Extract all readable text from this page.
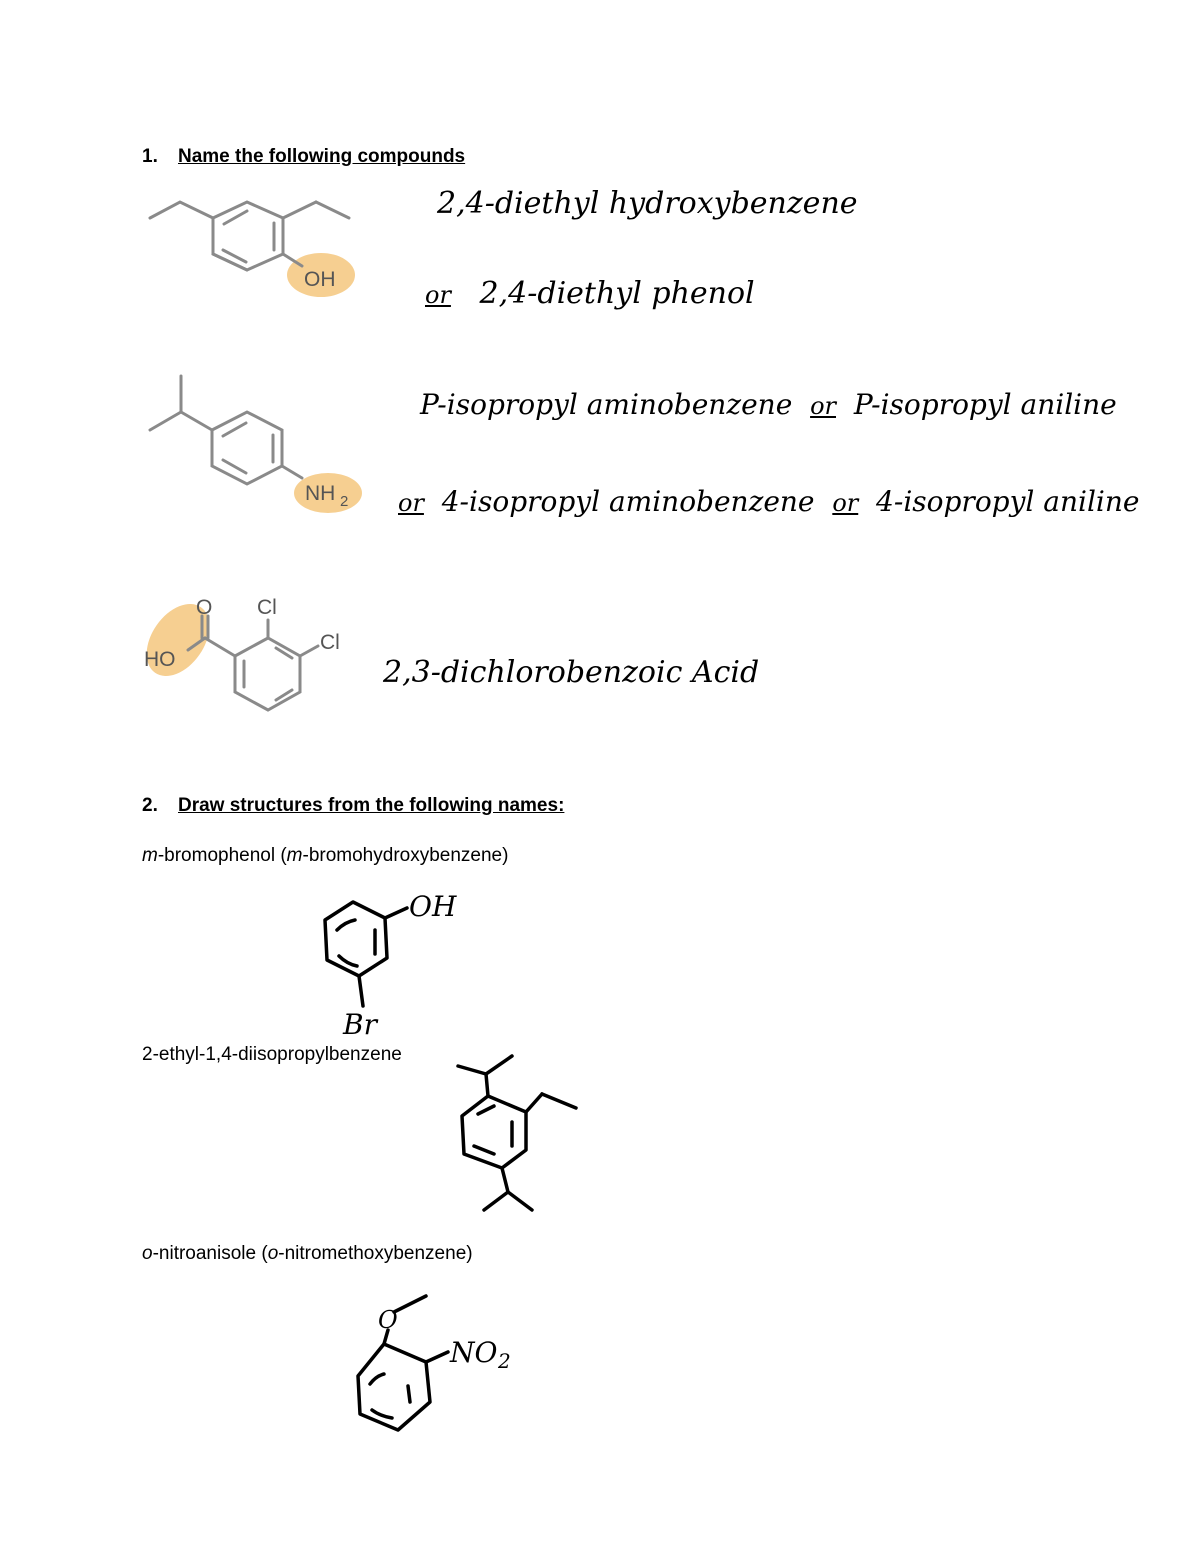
1. Name the following compounds
OH
2,4-diethyl hydroxybenzene
or 2,4-diethyl phenol
NH 2
P-isopropyl aminobenzene or P-isopropyl aniline
or 4-isopropyl aminobenzene or 4-isopropyl aniline
O Cl
Cl
HO	2,3-dichlorobenzoic Acid
2. Draw structures from the following names:
m-bromophenol (m-bromohydroxybenzene)
OH
Br
2-ethyl-1,4-diisopropylbenzene
o-nitroanisole (o-nitromethoxybenzene)
O
NO 2
